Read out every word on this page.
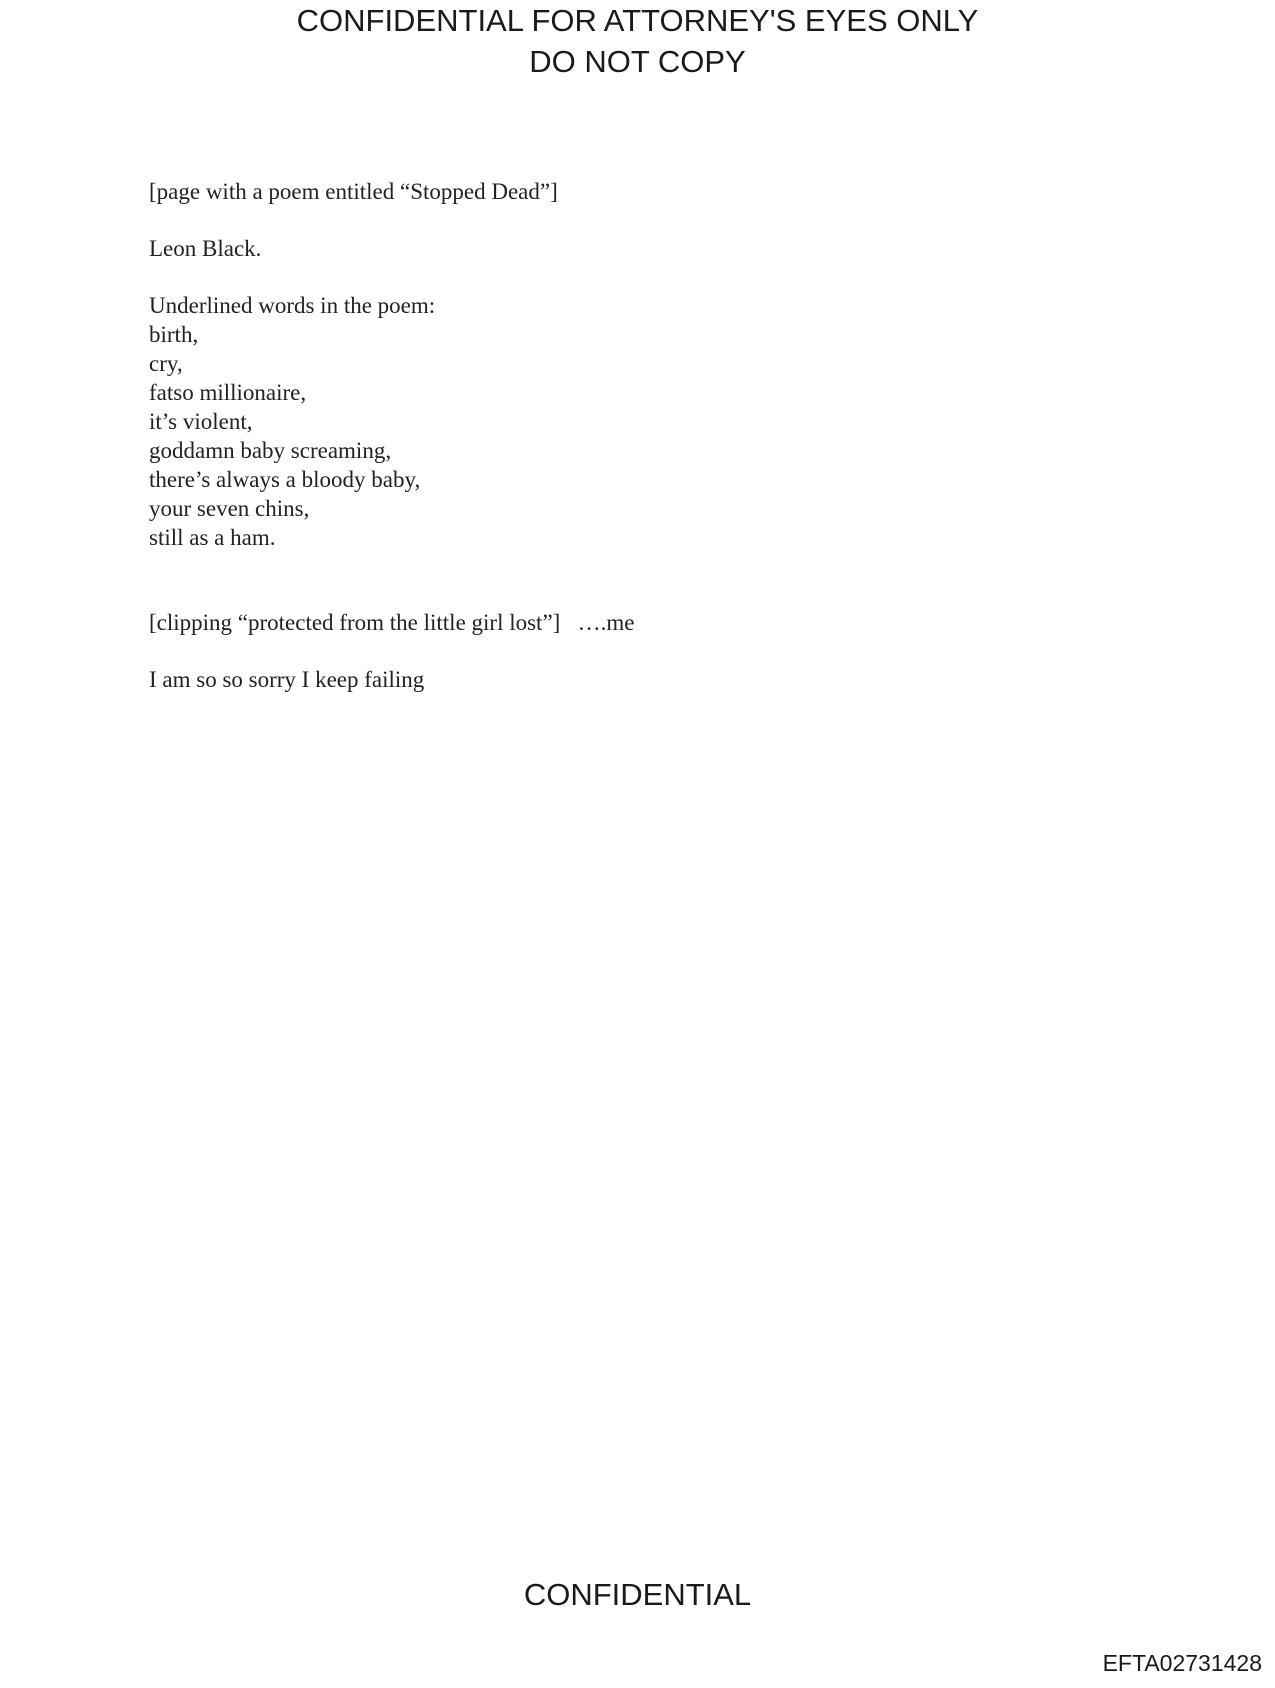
CONFIDENTIAL FOR ATTORNEY'S EYES ONLY
DO NOT COPY

[page with a poem entitled “Stopped Dead”]

Leon Black.

Underlined words in the poem:

birth,
cry,
fatso millionaire,
it’s violent,
goddamn baby screaming,
there’s always a bloody baby,
your seven chins,
still as a ham.

[clipping “protected from the little girl lost”]   ….me

I am so so sorry I keep failing

CONFIDENTIAL
EFTA02731428
